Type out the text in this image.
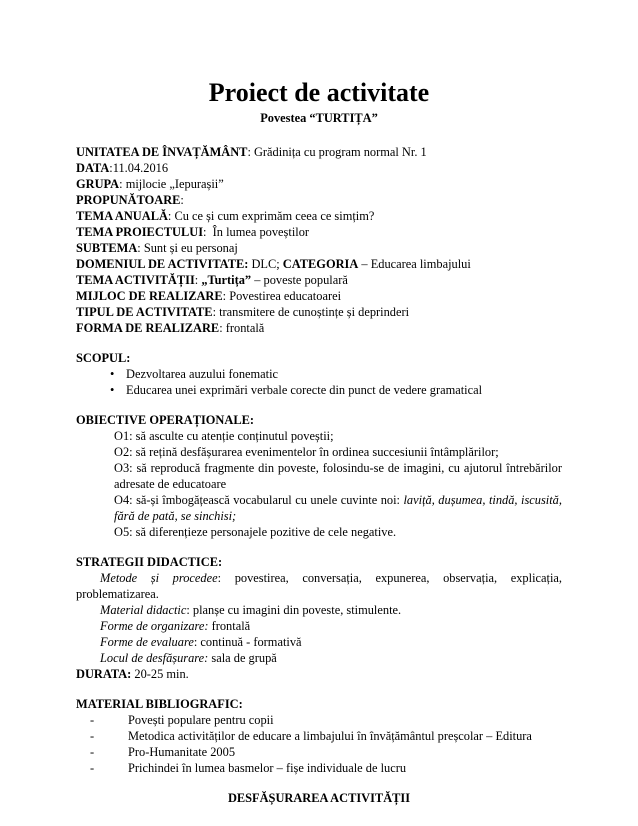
Proiect de activitate
Povestea “TURTIȚA”
UNITATEA DE ÎNVAȚĂMÂNT: Grădinița cu program normal Nr. 1
DATA:11.04.2016
GRUPA: mijlocie „Iepurașii”
PROPUNĂTOARE:
TEMA ANUALĂ: Cu ce și cum exprimăm ceea ce simțim?
TEMA PROIECTULUI:  În lumea poveștilor
SUBTEMA: Sunt și eu personaj
DOMENIUL DE ACTIVITATE: DLC; CATEGORIA – Educarea limbajului
TEMA ACTIVITĂȚII: „Turtița” – poveste populară
MIJLOC DE REALIZARE: Povestirea educatoarei
TIPUL DE ACTIVITATE: transmitere de cunoștințe și deprinderi
FORMA DE REALIZARE: frontală
SCOPUL:
• Dezvoltarea auzului fonematic
• Educarea unei exprimări verbale corecte din punct de vedere gramatical
OBIECTIVE OPERAȚIONALE:
O1: să asculte cu atenție conținutul poveștii;
O2: să rețină desfășurarea evenimentelor în ordinea succesiunii întâmplărilor;
O3: să reproducă fragmente din poveste, folosindu-se de imagini, cu ajutorul întrebărilor adresate de educatoare
O4: să-și îmbogățească vocabularul cu unele cuvinte noi: laviță, dușumea, tindă, iscusită, fără de pată, se sinchisi;
O5: să diferențieze personajele pozitive de cele negative.
STRATEGII DIDACTICE:
Metode și procedee: povestirea, conversația, expunerea, observația, explicația, problematizarea.
Material didactic: planșe cu imagini din poveste, stimulente.
Forme de organizare: frontală
Forme de evaluare: continuă - formativă
Locul de desfășurare: sala de grupă
DURATA: 20-25 min.
MATERIAL BIBLIOGRAFIC:
- Povești populare pentru copii
- Metodica activităților de educare a limbajului în învățământul preșcolar – Editura
- Pro-Humanitate 2005
- Prichindei în lumea basmelor – fișe individuale de lucru
DESFĂȘURAREA ACTIVITĂȚII
